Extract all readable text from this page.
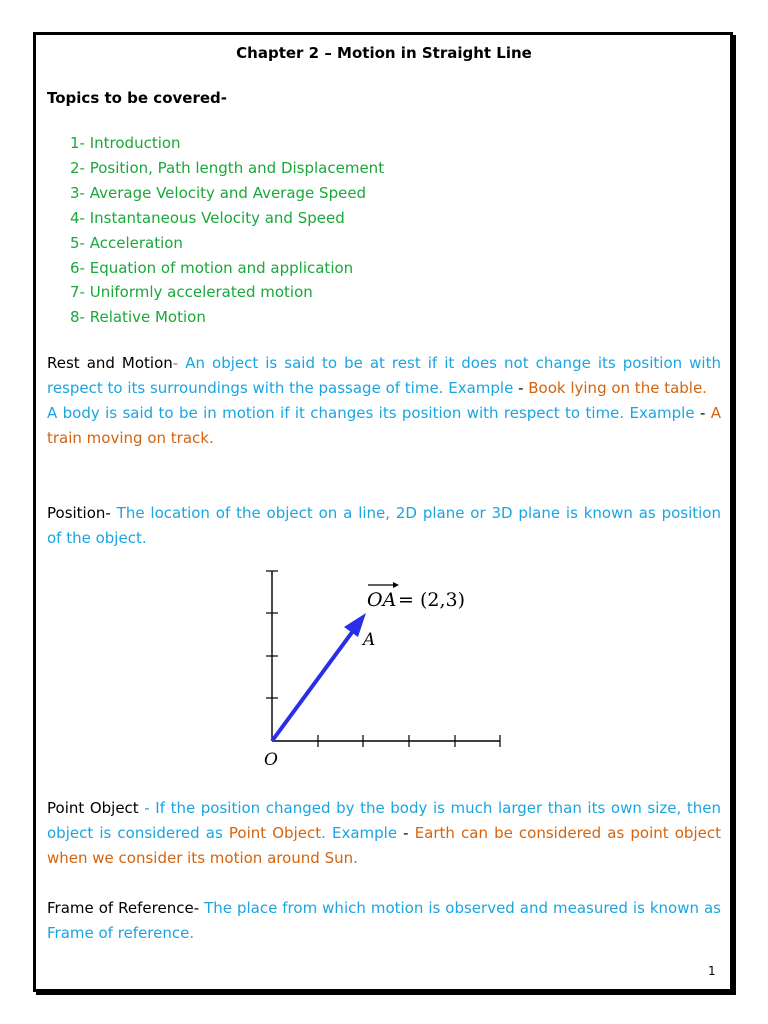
Chapter 2 – Motion in Straight Line
Topics to be covered-
1- Introduction
2- Position, Path length and Displacement
3- Average Velocity and Average Speed
4- Instantaneous Velocity and Speed
5- Acceleration
6- Equation of motion and application
7- Uniformly accelerated motion
8- Relative Motion

Rest and Motion- An object is said to be at rest if it does not change its position with respect to its surroundings with the passage of time. Example - Book lying on the table.
A body is said to be in motion if it changes its position with respect to time. Example - A train moving on track.

Position- The location of the object on a line, 2D plane or 3D plane is known as position of the object.

OA = (2,3)
A
O

Point Object - If the position changed by the body is much larger than its own size, then object is considered as Point Object. Example - Earth can be considered as point object when we consider its motion around Sun.

Frame of Reference- The place from which motion is observed and measured is known as Frame of reference.

1
